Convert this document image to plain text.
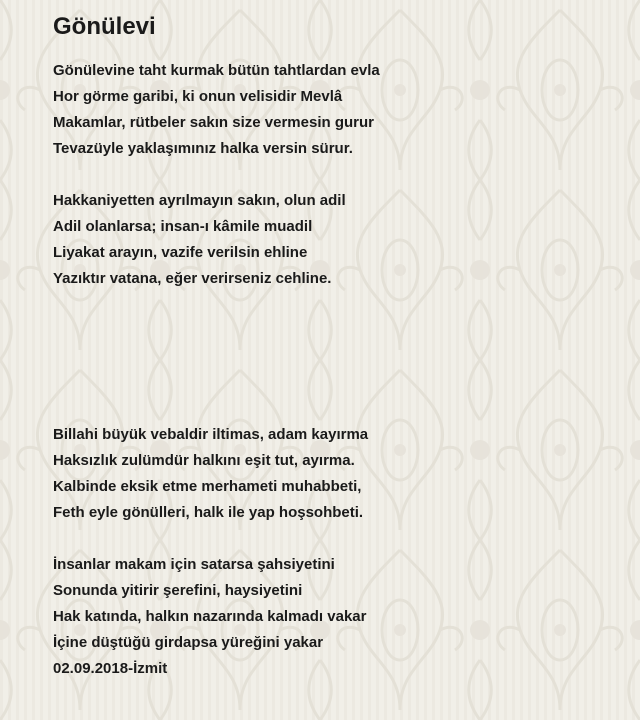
Gönülevi
Gönülevine taht kurmak bütün tahtlardan evla
Hor görme garibi, ki onun velisidir Mevlâ
Makamlar, rütbeler sakın size vermesin gurur
Tevazüyle yaklaşımınız halka versin sürur.
Hakkaniyetten ayrılmayın sakın, olun adil
Adil olanlarsa; insan-ı kâmile muadil
Liyakat arayın, vazife verilsin ehline
Yazıktır vatana, eğer verirseniz cehline.
Billahi büyük vebaldir iltimas, adam kayırma
Haksızlık zulümdür halkını eşit tut, ayırma.
Kalbinde eksik etme merhameti muhabbeti,
Feth eyle gönülleri, halk ile yap hoşsohbeti.
İnsanlar makam için satarsa şahsiyetini
Sonunda yitirir şerefini, haysiyetini
Hak katında, halkın nazarında kalmadı vakar
İçine düştüğü girdapsa yüreğini yakar
02.09.2018-İzmit
